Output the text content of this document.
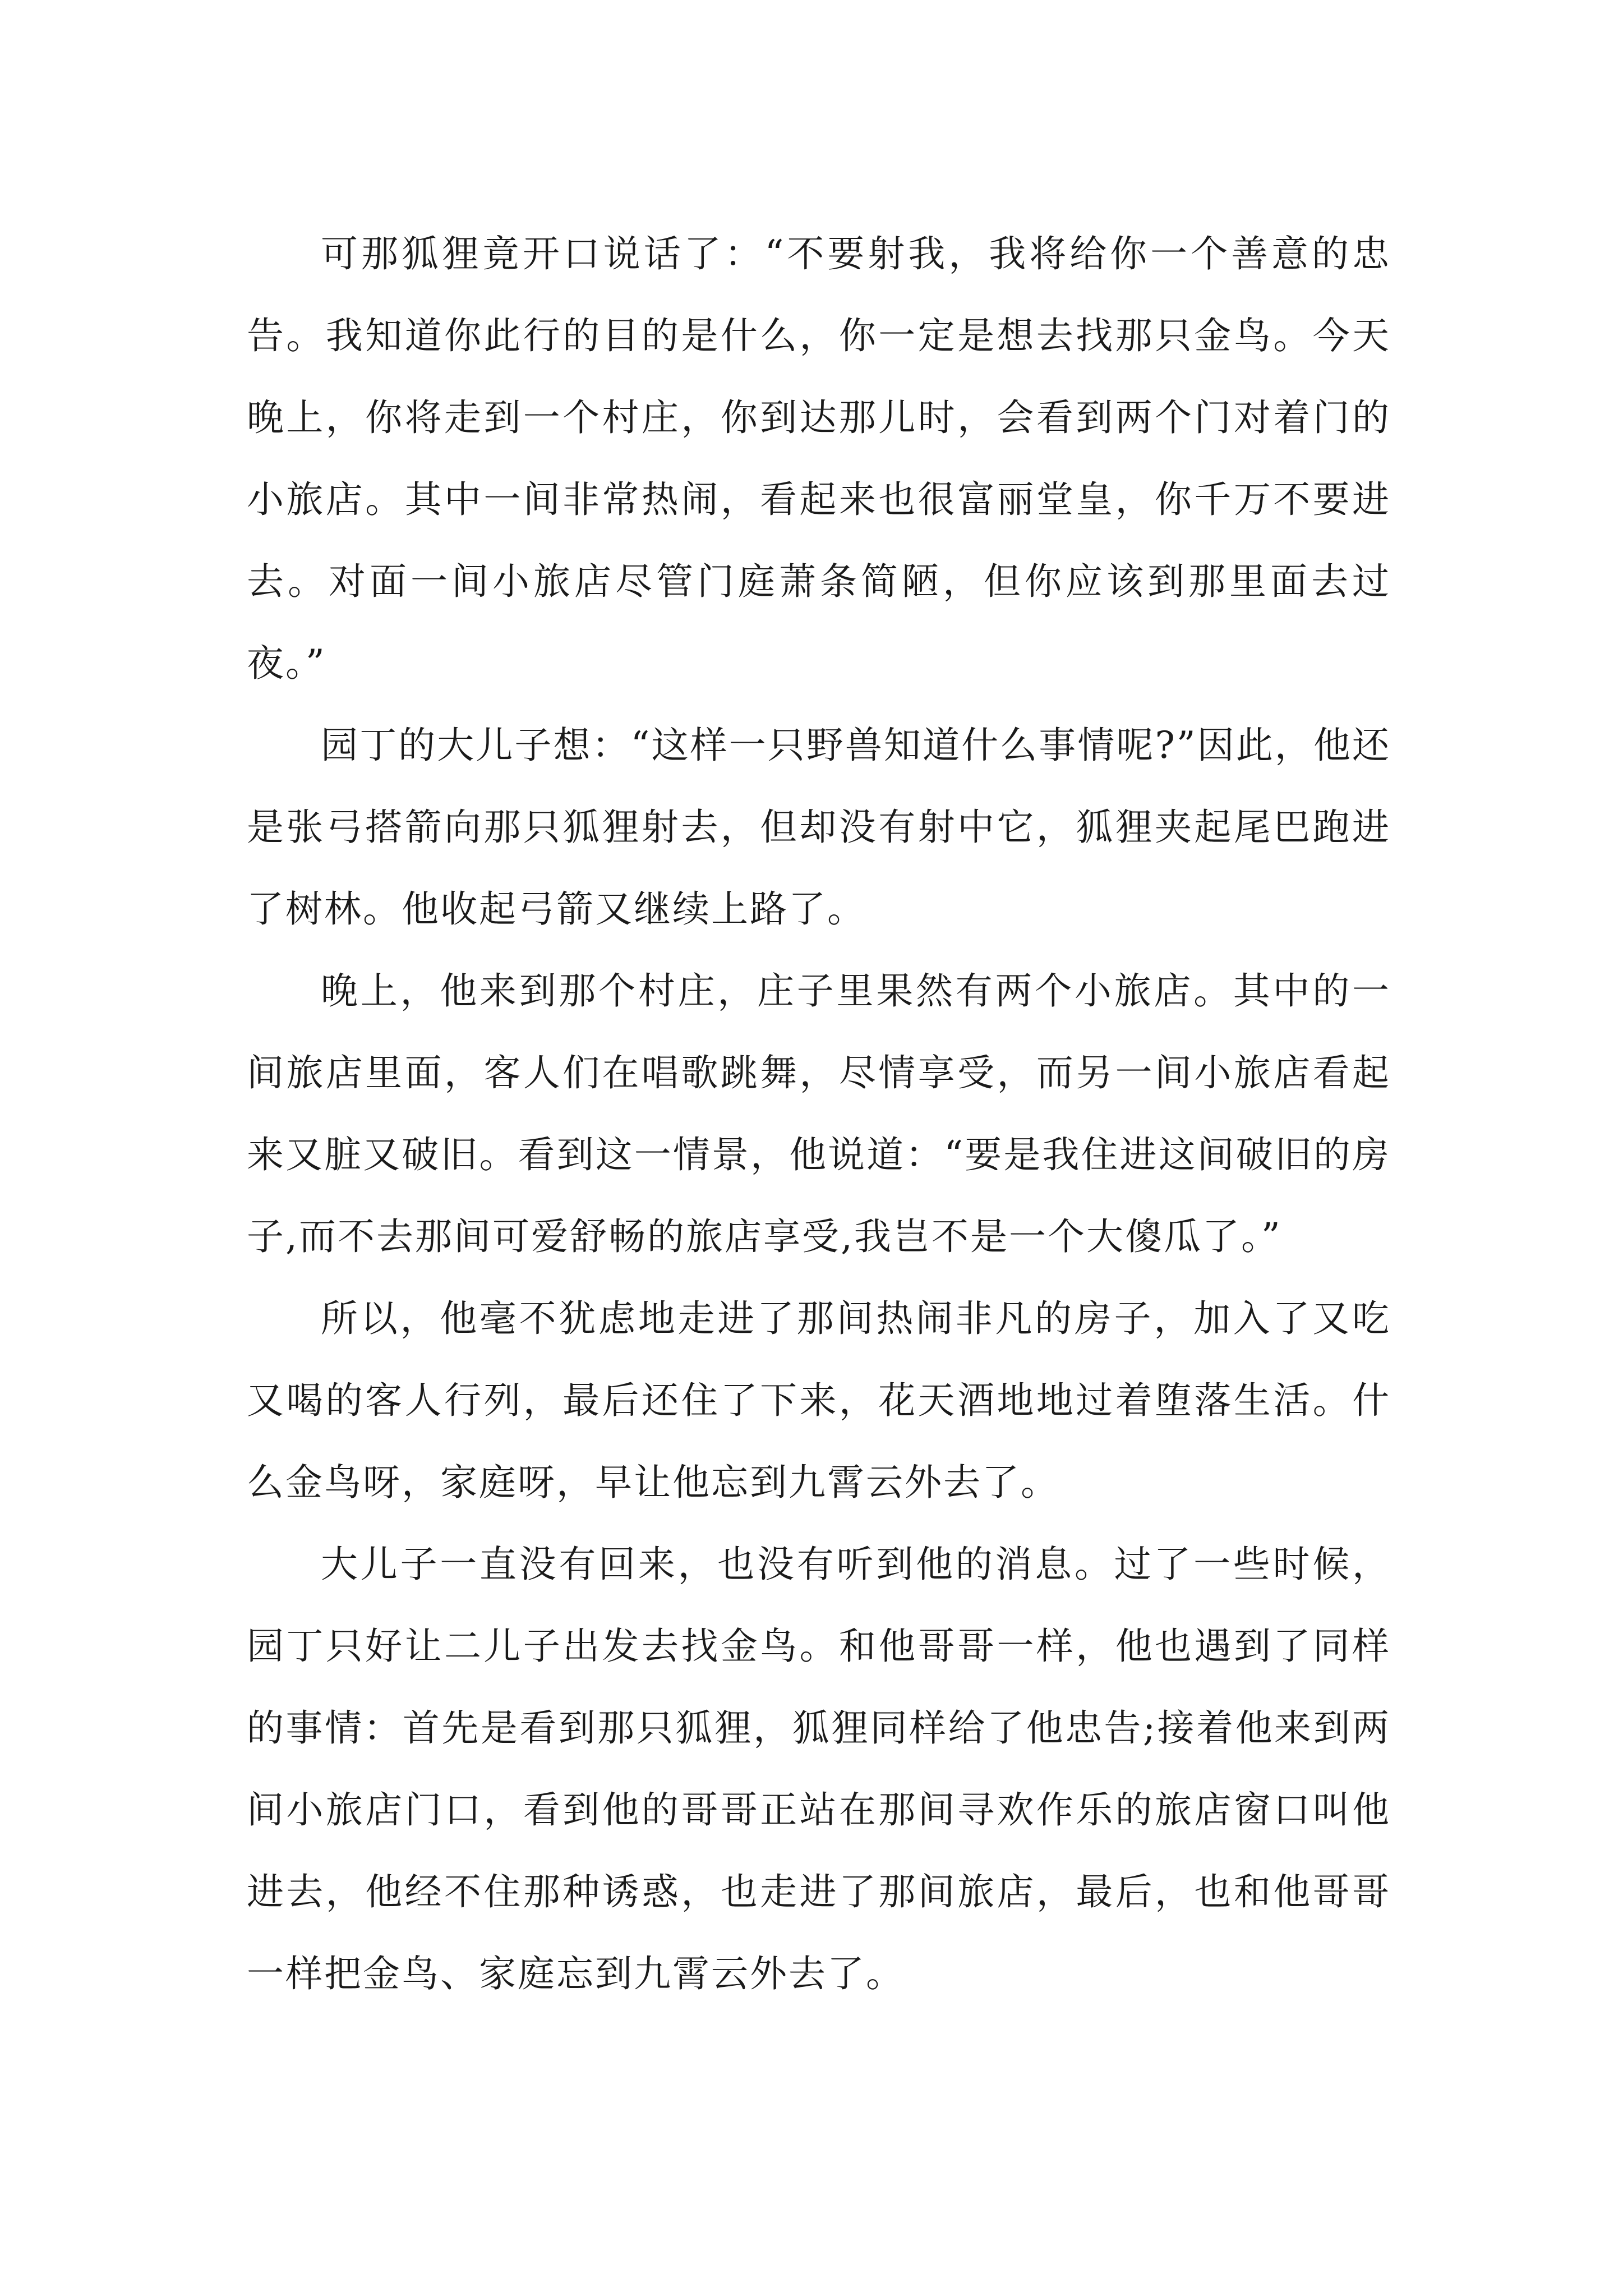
可那狐狸竟开口说话了：“不要射我，我将给你一个善意的忠告。我知道你此行的目的是什么，你一定是想去找那只金鸟。今天晚上，你将走到一个村庄，你到达那儿时，会看到两个门对着门的小旅店。其中一间非常热闹，看起来也很富丽堂皇，你千万不要进去。对面一间小旅店尽管门庭萧条简陋，但你应该到那里面去过夜。”

园丁的大儿子想：“这样一只野兽知道什么事情呢?”因此，他还是张弓搭箭向那只狐狸射去，但却没有射中它，狐狸夹起尾巴跑进了树林。他收起弓箭又继续上路了。

晚上，他来到那个村庄，庄子里果然有两个小旅店。其中的一间旅店里面，客人们在唱歌跳舞，尽情享受，而另一间小旅店看起来又脏又破旧。看到这一情景，他说道：“要是我住进这间破旧的房子,而不去那间可爱舒畅的旅店享受,我岂不是一个大傻瓜了。”

所以，他毫不犹虑地走进了那间热闹非凡的房子，加入了又吃又喝的客人行列，最后还住了下来，花天酒地地过着堕落生活。什么金鸟呀，家庭呀，早让他忘到九霄云外去了。

大儿子一直没有回来，也没有听到他的消息。过了一些时候，园丁只好让二儿子出发去找金鸟。和他哥哥一样，他也遇到了同样的事情：首先是看到那只狐狸，狐狸同样给了他忠告;接着他来到两间小旅店门口，看到他的哥哥正站在那间寻欢作乐的旅店窗口叫他进去，他经不住那种诱惑，也走进了那间旅店，最后，也和他哥哥一样把金鸟、家庭忘到九霄云外去了。
